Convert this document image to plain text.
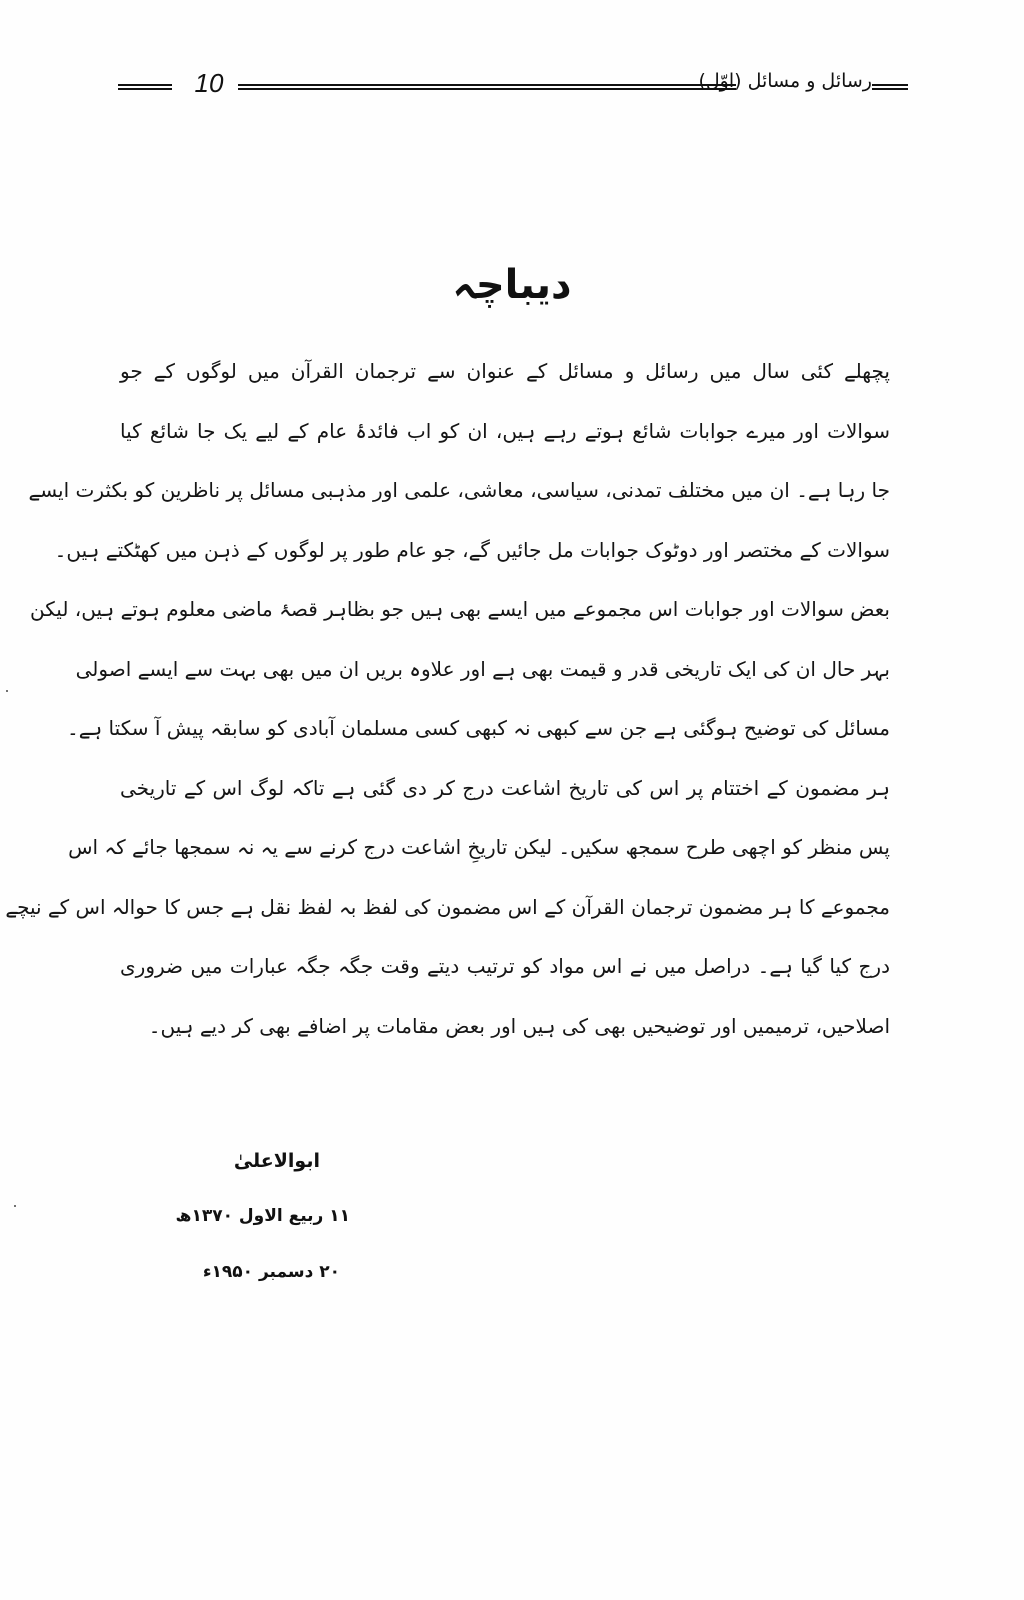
10	رسائل و مسائل (اوّل)
دیباچہ
پچھلے کئی سال میں رسائل و مسائل کے عنوان سے ترجمان القرآن میں لوگوں کے جو
سوالات اور میرے جوابات شائع ہوتے رہے ہیں، ان کو اب فائدۂ عام کے لیے یک جا شائع کیا
جا رہا ہے۔ ان میں مختلف تمدنی، سیاسی، معاشی، علمی اور مذہبی مسائل پر ناظرین کو بکثرت ایسے
سوالات کے مختصر اور دوٹوک جوابات مل جائیں گے، جو عام طور پر لوگوں کے ذہن میں کھٹکتے ہیں۔
بعض سوالات اور جوابات اس مجموعے میں ایسے بھی ہیں جو بظاہر قصۂ ماضی معلوم ہوتے ہیں، لیکن
بہر حال ان کی ایک تاریخی قدر و قیمت بھی ہے اور علاوہ بریں ان میں بھی بہت سے ایسے اصولی
مسائل کی توضیح ہوگئی ہے جن سے کبھی نہ کبھی کسی مسلمان آبادی کو سابقہ پیش آ سکتا ہے۔
ہر مضمون کے اختتام پر اس کی تاریخ اشاعت درج کر دی گئی ہے تاکہ لوگ اس کے تاریخی
پس منظر کو اچھی طرح سمجھ سکیں۔ لیکن تاریخِ اشاعت درج کرنے سے یہ نہ سمجھا جائے کہ اس
مجموعے کا ہر مضمون ترجمان القرآن کے اس مضمون کی لفظ بہ لفظ نقل ہے جس کا حوالہ اس کے نیچے
درج کیا گیا ہے۔ دراصل میں نے اس مواد کو ترتیب دیتے وقت جگہ جگہ عبارات میں ضروری
اصلاحیں، ترمیمیں اور توضیحیں بھی کی ہیں اور بعض مقامات پر اضافے بھی کر دیے ہیں۔
ابوالاعلیٰ
۱۱ ربیع الاول ۱۳۷۰ھ
۲۰ دسمبر ۱۹۵۰ء
